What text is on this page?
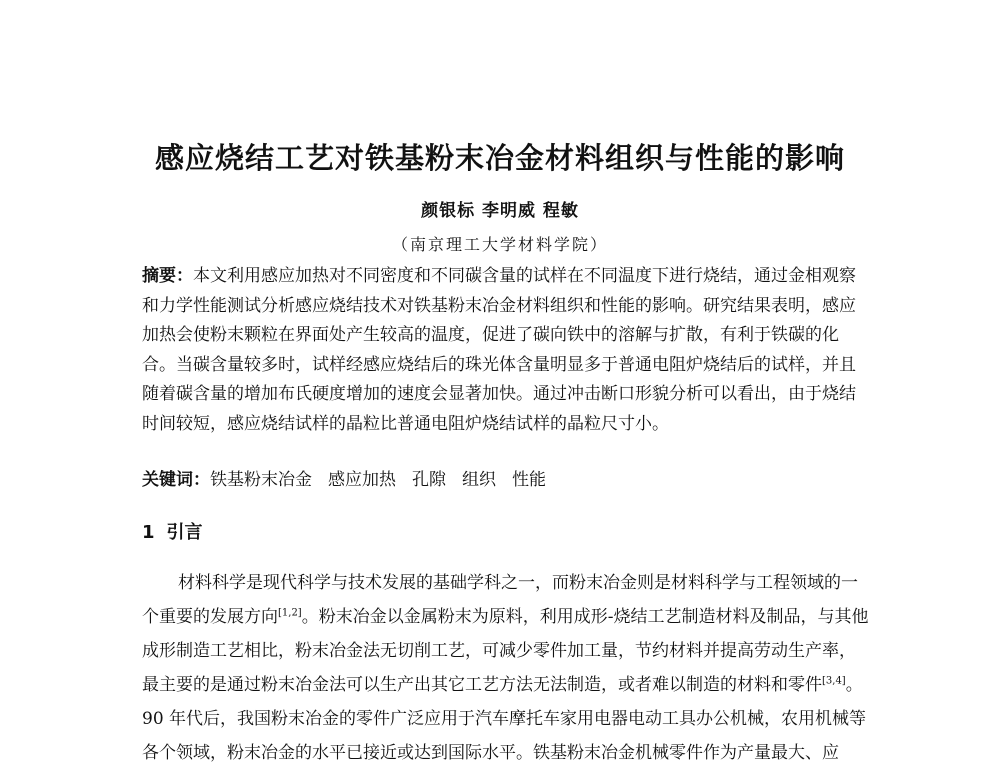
感应烧结工艺对铁基粉末冶金材料组织与性能的影响
颜银标 李明威 程敏
（南京理工大学材料学院）
摘要：本文利用感应加热对不同密度和不同碳含量的试样在不同温度下进行烧结，通过金相观察和力学性能测试分析感应烧结技术对铁基粉末冶金材料组织和性能的影响。研究结果表明，感应加热会使粉末颗粒在界面处产生较高的温度，促进了碳向铁中的溶解与扩散，有利于铁碳的化合。当碳含量较多时，试样经感应烧结后的珠光体含量明显多于普通电阻炉烧结后的试样，并且随着碳含量的增加布氏硬度增加的速度会显著加快。通过冲击断口形貌分析可以看出，由于烧结时间较短，感应烧结试样的晶粒比普通电阻炉烧结试样的晶粒尺寸小。
关键词：铁基粉末冶金 感应加热 孔隙 组织 性能
1 引言

材料科学是现代科学与技术发展的基础学科之一，而粉末冶金则是材料科学与工程领域的一个重要的发展方向[1,2]。粉末冶金以金属粉末为原料，利用成形-烧结工艺制造材料及制品，与其他成形制造工艺相比，粉末冶金法无切削工艺，可减少零件加工量，节约材料并提高劳动生产率，最主要的是通过粉末冶金法可以生产出其它工艺方法无法制造，或者难以制造的材料和零件[3,4]。

90 年代后，我国粉末冶金的零件广泛应用于汽车摩托车家用电器电动工具办公机械，农用机械等各个领域，粉末冶金的水平已接近或达到国际水平。铁基粉末冶金机械零件作为产量最大、应
